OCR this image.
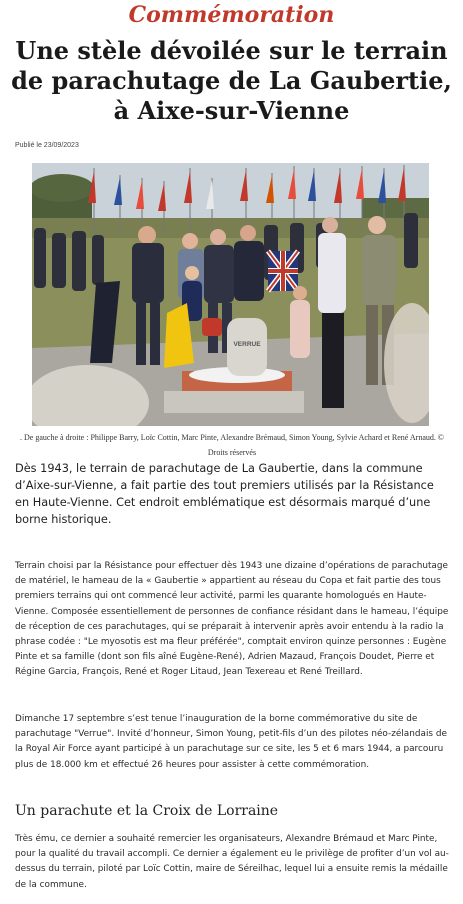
Commémoration
Une stèle dévoilée sur le terrain de parachutage de La Gaubertie, à Aixe-sur-Vienne
Publié le 23/09/2023
VERRUE
. De gauche à droite : Philippe Barry, Loïc Cottin, Marc Pinte, Alexandre Brémaud, Simon Young, Sylvie Achard et René Arnaud. © Droits réservés
Dès 1943, le terrain de parachutage de La Gaubertie, dans la commune d’Aixe-sur-Vienne, a fait partie des tout premiers utilisés par la Résistance en Haute-Vienne. Cet endroit emblématique est désormais marqué d’une borne historique.
Terrain choisi par la Résistance pour effectuer dès 1943 une dizaine d’opérations de parachutage de matériel, le hameau de la « Gaubertie » appartient au réseau du Copa et fait partie des tous premiers terrains qui ont commencé leur activité, parmi les quarante homologués en Haute-Vienne. Composée essentiellement de personnes de confiance résidant dans le hameau, l’équipe de réception de ces parachutages, qui se préparait à intervenir après avoir entendu à la radio la phrase codée : "Le myosotis est ma fleur préférée", comptait environ quinze personnes : Eugène Pinte et sa famille (dont son fils aîné Eugène-René), Adrien Mazaud, François Doudet, Pierre et Régine Garcia, François, René et Roger Litaud, Jean Texereau et René Treillard.
Dimanche 17 septembre s’est tenue l’inauguration de la borne commémorative du site de parachutage "Verrue". Invité d’honneur, Simon Young, petit-fils d’un des pilotes néo-zélandais de la Royal Air Force ayant participé à un parachutage sur ce site, les 5 et 6 mars 1944, a parcouru plus de 18.000 km et effectué 26 heures pour assister à cette commémoration.
Un parachute et la Croix de Lorraine
Très ému, ce dernier a souhaité remercier les organisateurs, Alexandre Brémaud et Marc Pinte, pour la qualité du travail accompli. Ce dernier a également eu le privilège de profiter d’un vol au-dessus du terrain, piloté par Loïc Cottin, maire de Séreilhac, lequel lui a ensuite remis la médaille de la commune.
